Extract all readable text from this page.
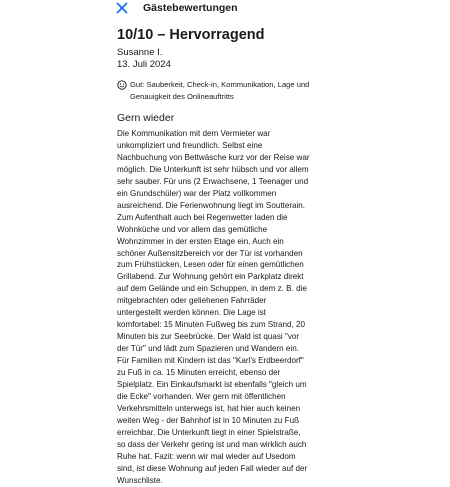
Gästebewertungen
10/10 – Hervorragend
Susanne I.
13. Juli 2024
Gut: Sauberkeit, Check-in, Kommunikation, Lage und
Genauigkeit des Onlineauftritts
Gern wieder
Die Kommunikation mit dem Vermieter war
unkompliziert und freundlich. Selbst eine
Nachbuchung von Bettwäsche kurz vor der Reise war
möglich. Die Unterkunft ist sehr hübsch und vor allem
sehr sauber. Für uns (2 Erwachsene, 1 Teenager und
ein Grundschüler) war der Platz vollkommen
ausreichend. Die Ferienwohnung liegt im Soutterain.
Zum Aufenthalt auch bei Regenwetter laden die
Wohnküche und vor allem das gemütliche
Wohnzimmer in der ersten Etage ein. Auch ein
schöner Außensitzbereich vor der Tür ist vorhanden
zum Frühstücken, Lesen oder für einen gemütlichen
Grillabend. Zur Wohnung gehört ein Parkplatz direkt
auf dem Gelände und ein Schuppen, in dem z. B. die
mitgebrachten oder geliehenen Fahrräder
untergestellt werden können. Die Lage ist
komfortabel: 15 Minuten Fußweg bis zum Strand, 20
Minuten bis zur Seebrücke. Der Wald ist quasi "vor
der Tür" und lädt zum Spazieren und Wandern ein.
Für Familien mit Kindern ist das "Karl's Erdbeerdorf"
zu Fuß in ca. 15 Minuten erreicht, ebenso der
Spielplatz. Ein Einkaufsmarkt ist ebenfalls "gleich um
die Ecke" vorhanden. Wer gern mit öffentlichen
Verkehrsmitteln unterwegs ist, hat hier auch keinen
weiten Weg - der Bahnhof ist in 10 Minuten zu Fuß
erreichbar. Die Unterkunft liegt in einer Spielstraße,
so dass der Verkehr gering ist und man wirklich auch
Ruhe hat. Fazit: wenn wir mal wieder auf Usedom
sind, ist diese Wohnung auf jeden Fall wieder auf der
Wunschliste.
